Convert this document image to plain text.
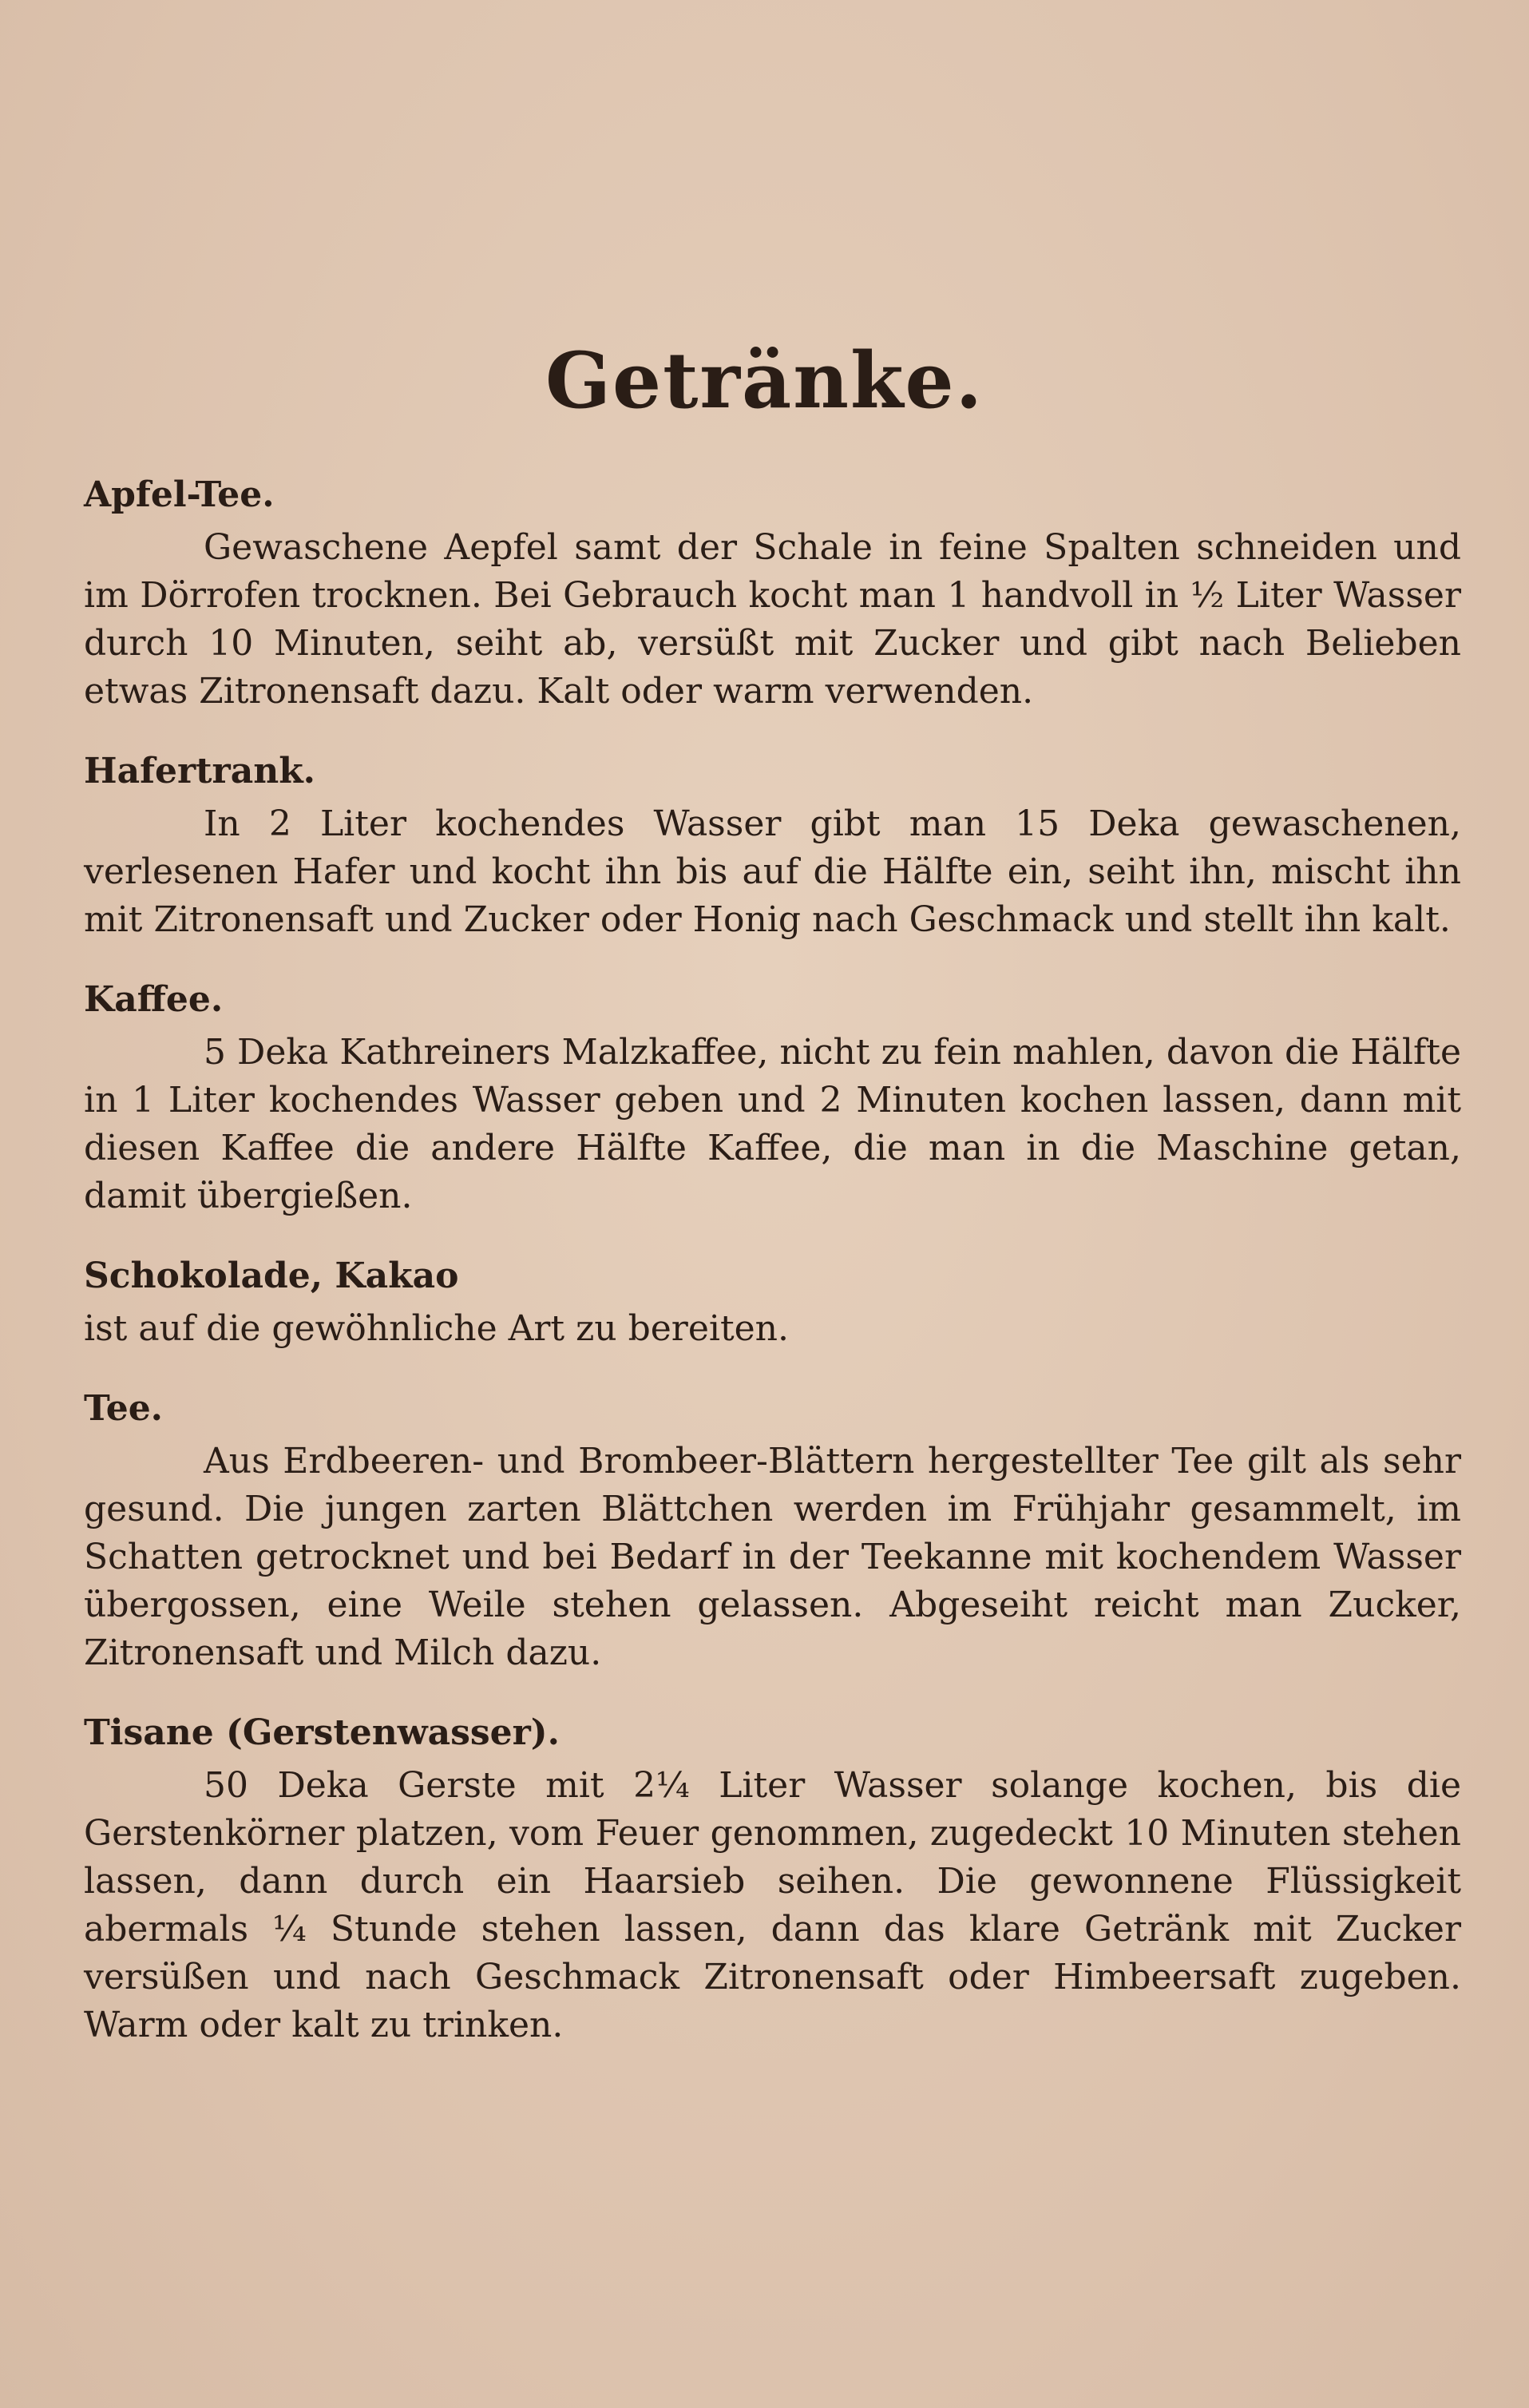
Getränke.
Apfel-Tee.

Gewaschene Aepfel samt der Schale in feine Spalten schneiden und im Dörrofen trocknen. Bei Gebrauch kocht man 1 handvoll in ½ Liter Wasser durch 10 Minuten, seiht ab, versüßt mit Zucker und gibt nach Belieben etwas Zitronensaft dazu. Kalt oder warm verwenden.

Hafertrank.

In 2 Liter kochendes Wasser gibt man 15 Deka gewaschenen, verlesenen Hafer und kocht ihn bis auf die Hälfte ein, seiht ihn, mischt ihn mit Zitronensaft und Zucker oder Honig nach Geschmack und stellt ihn kalt.

Kaffee.

5 Deka Kathreiners Malzkaffee, nicht zu fein mahlen, davon die Hälfte in 1 Liter kochendes Wasser geben und 2 Minuten kochen lassen, dann mit diesen Kaffee die andere Hälfte Kaffee, die man in die Maschine getan, damit übergießen.

Schokolade, Kakao

ist auf die gewöhnliche Art zu bereiten.

Tee.

Aus Erdbeeren- und Brombeer-Blättern hergestellter Tee gilt als sehr gesund. Die jungen zarten Blättchen werden im Frühjahr gesammelt, im Schatten getrocknet und bei Bedarf in der Teekanne mit kochendem Wasser übergossen, eine Weile stehen gelassen. Abgeseiht reicht man Zucker, Zitronensaft und Milch dazu.

Tisane (Gerstenwasser).

50 Deka Gerste mit 2¼ Liter Wasser solange kochen, bis die Gerstenkörner platzen, vom Feuer genommen, zugedeckt 10 Minuten stehen lassen, dann durch ein Haarsieb seihen. Die gewonnene Flüssigkeit abermals ¼ Stunde stehen lassen, dann das klare Getränk mit Zucker versüßen und nach Geschmack Zitronensaft oder Himbeersaft zugeben. Warm oder kalt zu trinken.
